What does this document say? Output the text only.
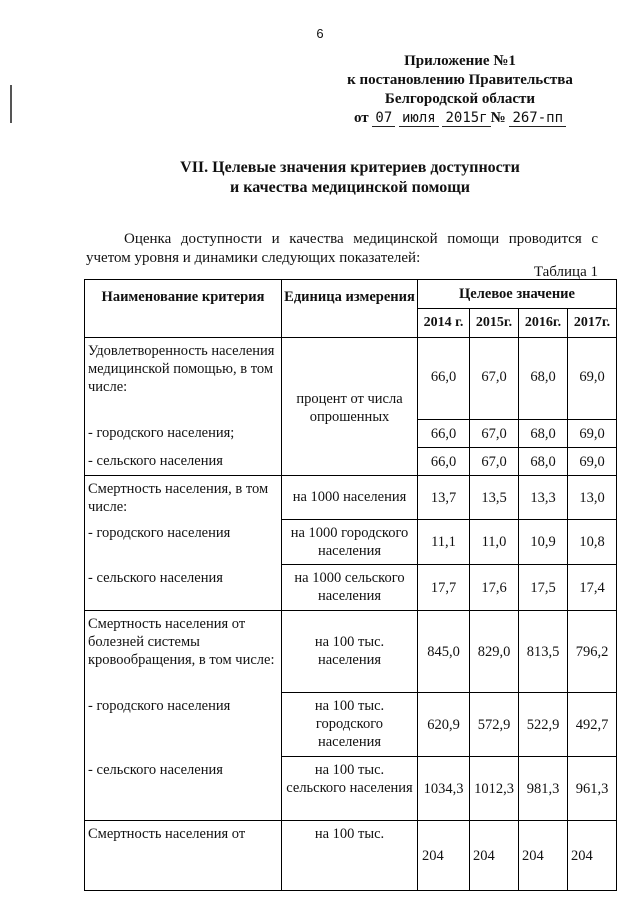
6
Приложение №1
к постановлению Правительства
Белгородской области
от 07 июля 2015г № 267-пп
VII. Целевые значения критериев доступности
и качества медицинской помощи
Оценка доступности и качества медицинской помощи проводится с учетом уровня и динамики следующих показателей:
Таблица 1
Наименование критерия	Единица измерения	Целевое значение			
		2014 г.	2015г.	2016г.	2017г.
Удовлетворенность населения медицинской помощью, в том числе:	процент от числа опрошенных	66,0	67,0	68,0	69,0
- городского населения;		66,0	67,0	68,0	69,0
- сельского населения		66,0	67,0	68,0	69,0
Смертность населения, в том числе:	на 1000 населения	13,7	13,5	13,3	13,0
- городского населения	на 1000 городского населения	11,1	11,0	10,9	10,8
- сельского населения	на 1000 сельского населения	17,7	17,6	17,5	17,4
Смертность населения от болезней системы кровообращения, в том числе:	на 100 тыс. населения	845,0	829,0	813,5	796,2
- городского населения	на 100 тыс. городского населения	620,9	572,9	522,9	492,7
- сельского населения	на 100 тыс. сельского населения	1034,3	1012,3	981,3	961,3
Смертность населения от	на 100 тыс.	204	204	204	204
